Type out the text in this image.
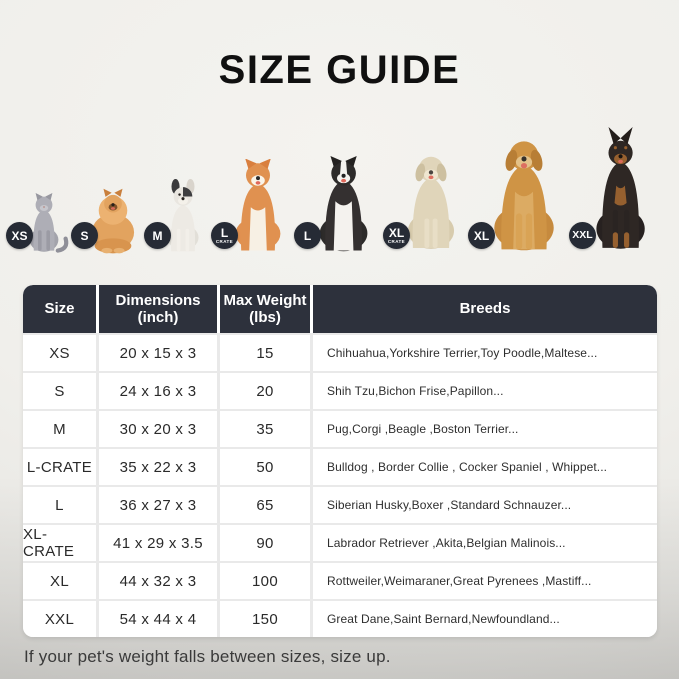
SIZE GUIDE
XS	S	M	L
CRATE	L	XL
CRATE	XL	XXL
Size
Dimensions
(inch)
Max Weight
(lbs)
Breeds
XS	20 x 15 x 3	15	Chihuahua,Yorkshire Terrier,Toy Poodle,Maltese...
S	24 x 16 x 3	20	Shih Tzu,Bichon Frise,Papillon...
M	30 x 20 x 3	35	Pug,Corgi ,Beagle ,Boston Terrier...
L-CRATE	35 x 22 x 3	50	Bulldog , Border Collie , Cocker Spaniel , Whippet...
L	36 x 27 x 3	65	Siberian Husky,Boxer ,Standard Schnauzer...
XL-CRATE	41 x 29 x 3.5	90	Labrador Retriever ,Akita,Belgian Malinois...
XL	44 x 32 x 3	100	Rottweiler,Weimaraner,Great Pyrenees ,Mastiff...
XXL	54 x 44 x 4	150	Great Dane,Saint Bernard,Newfoundland...
If your pet's weight falls between sizes, size up.
